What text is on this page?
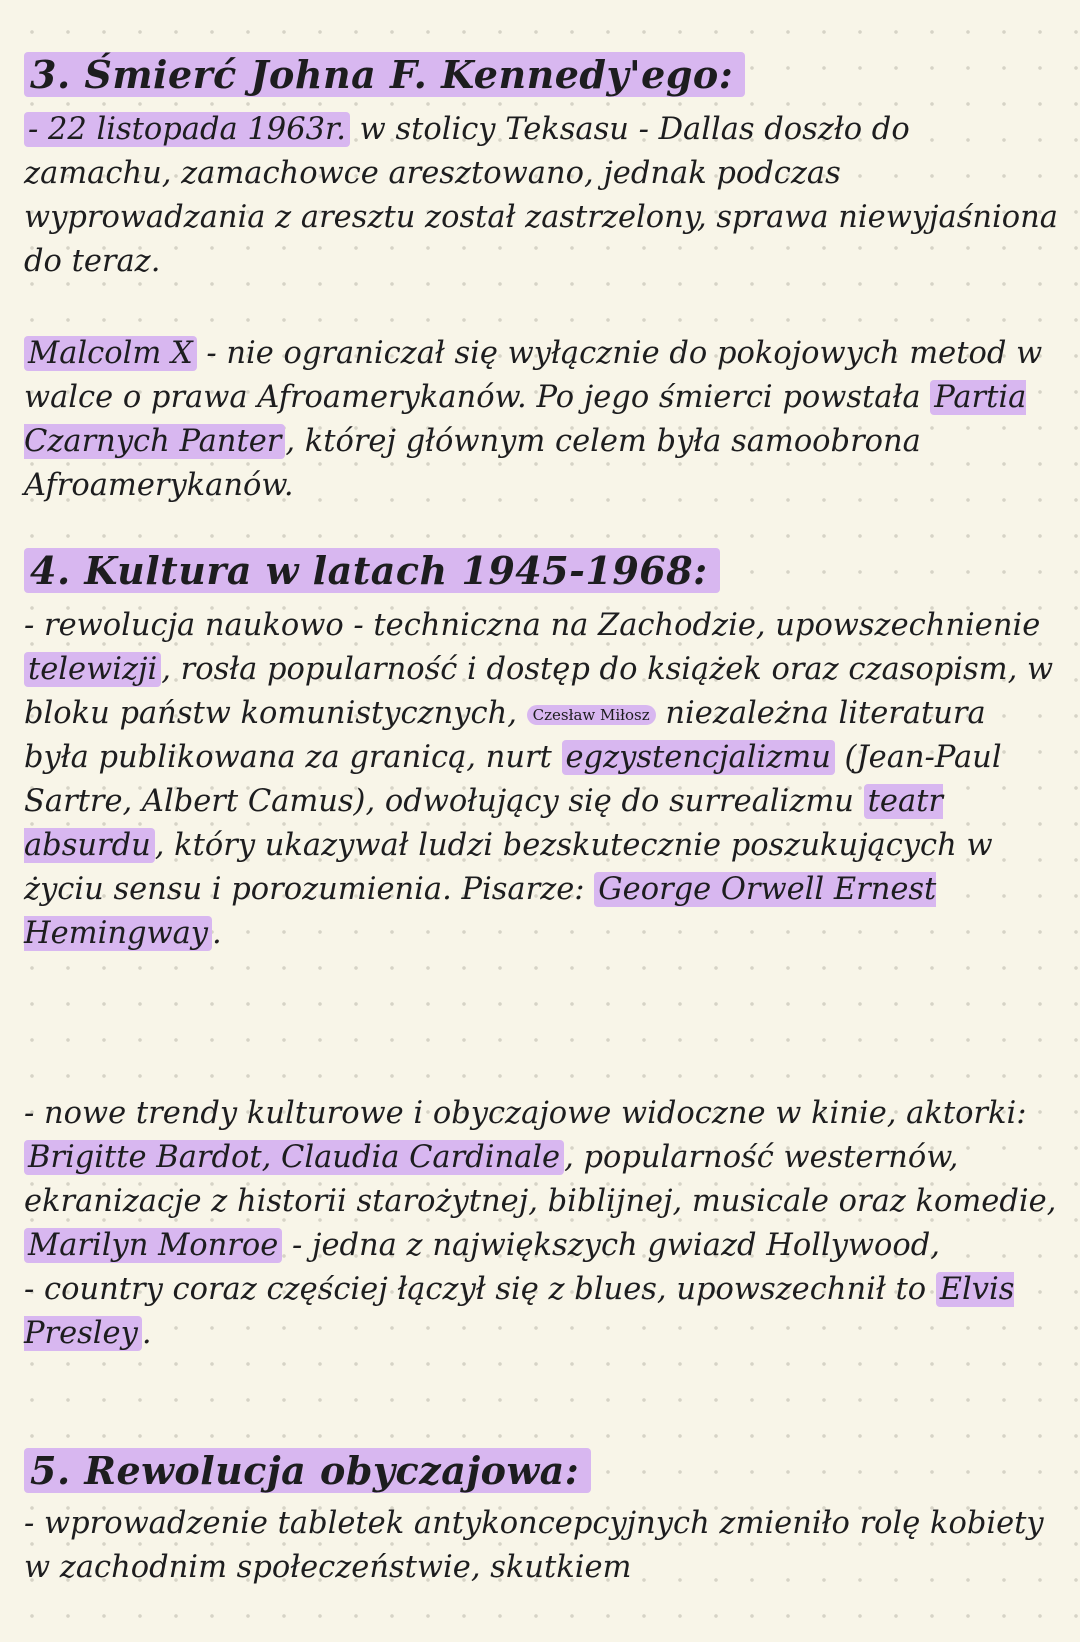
3. Śmierć Johna F. Kennedy'ego:

- 22 listopada 1963r. w stolicy Teksasu - Dallas doszło do zamachu, zamachowce aresztowano, jednak podczas wyprowadzania z aresztu został zastrzelony, sprawa niewyjaśniona do teraz.

Malcolm X - nie ograniczał się wyłącznie do pokojowych metod w walce o prawa Afroamerykanów. Po jego śmierci powstała Partia Czarnych Panter , której głównym celem była samoobrona Afroamerykanów.

4. Kultura w latach 1945-1968:

- rewolucja naukowo - techniczna na Zachodzie, upowszechnienie telewizji , rosła popularność i dostęp do książek oraz czasopism, w bloku państw komunistycznych, Czesław Miłosz niezależna literatura była publikowana za granicą, nurt egzystencjalizmu (Jean-Paul Sartre, Albert Camus), odwołujący się do surrealizmu teatr absurdu , który ukazywał ludzi bezskutecznie poszukujących w życiu sensu i porozumienia. Pisarze: George Orwell Ernest Hemingway .

- nowe trendy kulturowe i obyczajowe widoczne w kinie, aktorki: Brigitte Bardot, Claudia Cardinale , popularność westernów, ekranizacje z historii starożytnej, biblijnej, musicale oraz komedie, Marilyn Monroe - jedna z największych gwiazd Hollywood,

- country coraz częściej łączył się z blues, upowszechnił to Elvis Presley .

5. Rewolucja obyczajowa:

- wprowadzenie tabletek antykoncepcyjnych zmieniło rolę kobiety w zachodnim społeczeństwie, skutkiem
